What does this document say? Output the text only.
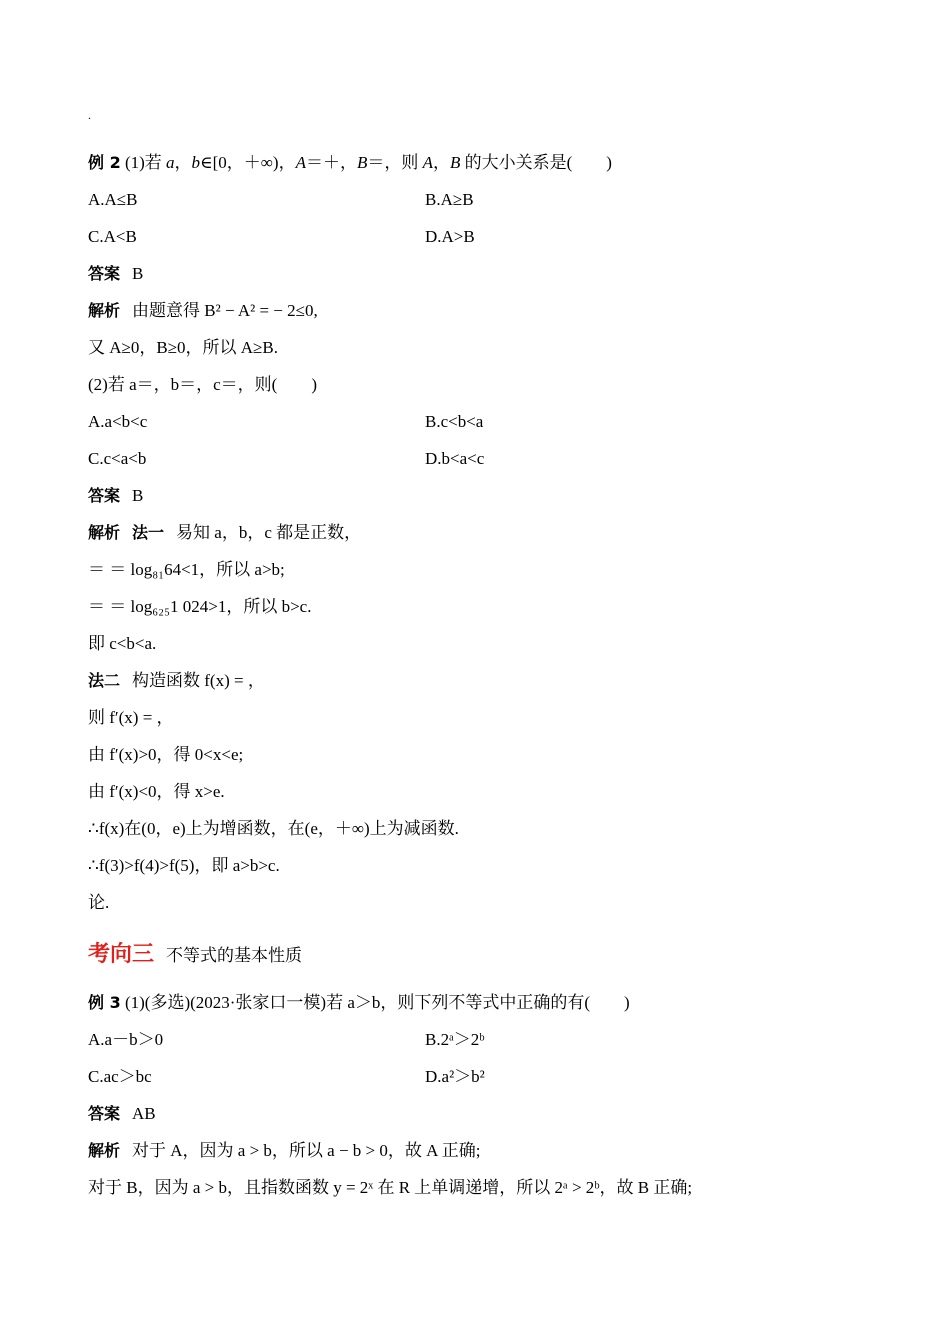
.
例 2 (1)若 a，b∈[0，＋∞)，A＝＋，B＝，则 A，B 的大小关系是(　　)
A.A≤B	B.A≥B
C.A<B	D.A>B
答案 B
解析 由题意得 B² − A² = − 2≤0,
又 A≥0，B≥0，所以 A≥B.
(2)若 a＝，b＝，c＝，则(　　)
A.a<b<c	B.c<b<a
C.c<a<b	D.b<a<c
答案 B
解析 法一 易知 a，b，c 都是正数，
＝ ＝ log₈₁64<1，所以 a>b;
＝ ＝ log₆₂₅1 024>1，所以 b>c.
即 c<b<a.
法二 构造函数 f(x) = ，
则 f′(x) = ，
由 f′(x)>0，得 0<x<e;
由 f′(x)<0，得 x>e.
∴f(x)在(0，e)上为增函数，在(e，＋∞)上为减函数.
∴f(3)>f(4)>f(5)，即 a>b>c.
论.
考向三 不等式的基本性质
例 3 (1)(多选)(2023·张家口一模)若 a＞b，则下列不等式中正确的有(　　)
A.a－b＞0	B.2ᵃ＞2ᵇ
C.ac＞bc	D.a²＞b²
答案 AB
解析 对于 A，因为 a > b，所以 a − b > 0，故 A 正确;
对于 B，因为 a > b，且指数函数 y = 2ˣ 在 R 上单调递增，所以 2ᵃ > 2ᵇ，故 B 正确;
